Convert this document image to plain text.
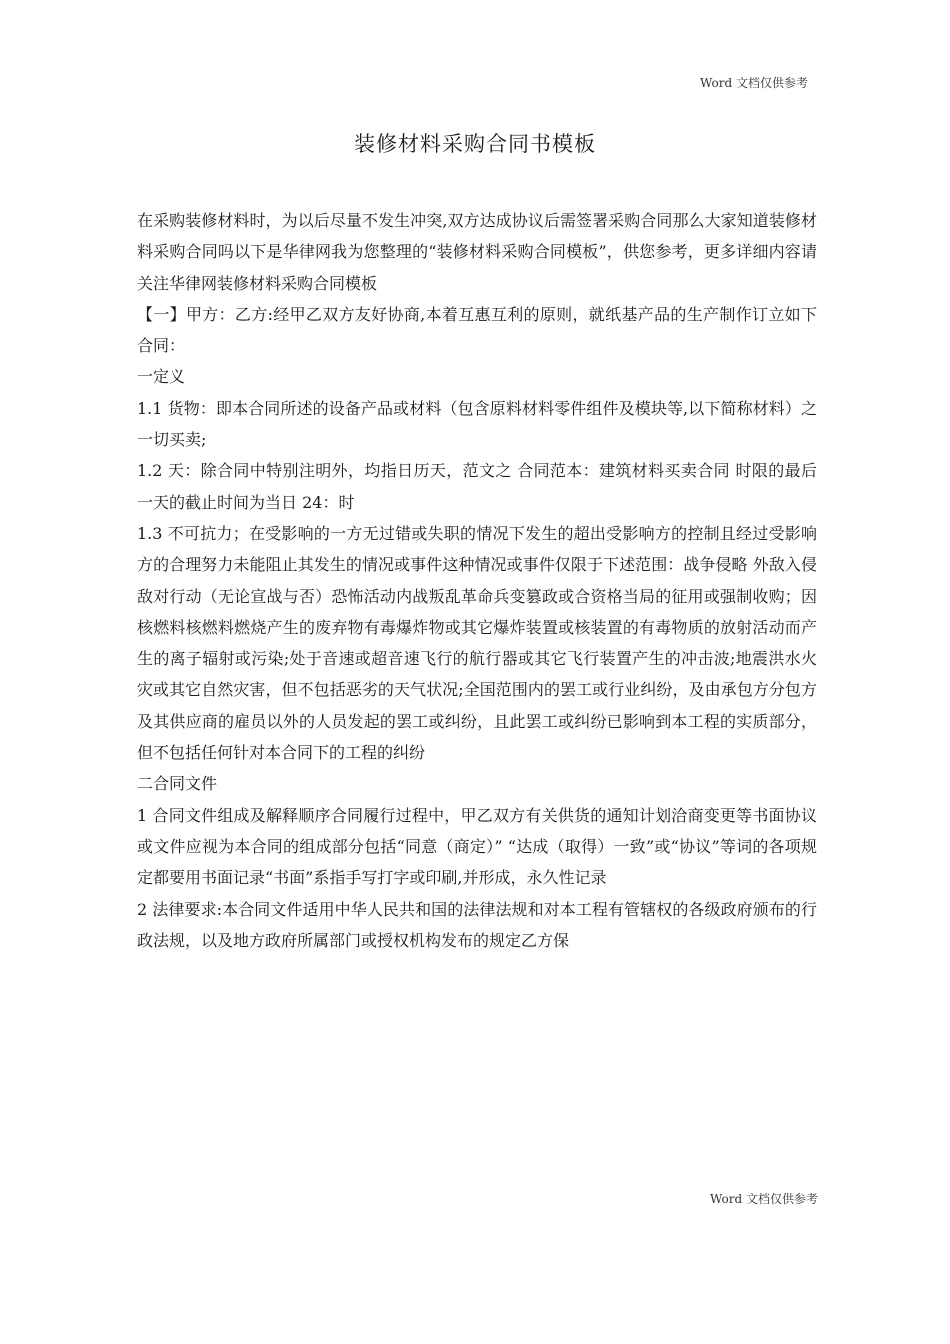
Word 文档仅供参考
装修材料采购合同书模板

在采购装修材料时，为以后尽量不发生冲突,双方达成协议后需签署采购合同那么大家知道装修材料采购合同吗以下是华律网我为您整理的“装修材料采购合同模板”，供您参考，更多详细内容请关注华律网装修材料采购合同模板

【一】甲方：乙方:经甲乙双方友好协商,本着互惠互利的原则，就纸基产品的生产制作订立如下合同：

一定义

1.1 货物：即本合同所述的设备产品或材料（包含原料材料零件组件及模块等,以下简称材料）之一切买卖;

1.2 天：除合同中特别注明外，均指日历天，范文之 合同范本：建筑材料买卖合同 时限的最后一天的截止时间为当日 24：时

1.3 不可抗力；在受影响的一方无过错或失职的情况下发生的超出受影响方的控制且经过受影响方的合理努力未能阻止其发生的情况或事件这种情况或事件仅限于下述范围：战争侵略 外敌入侵 敌对行动（无论宣战与否）恐怖活动内战叛乱革命兵变篡政或合资格当局的征用或强制收购；因核燃料核燃料燃烧产生的废弃物有毒爆炸物或其它爆炸装置或核装置的有毒物质的放射活动而产生的离子辐射或污染;处于音速或超音速飞行的航行器或其它飞行装置产生的冲击波;地震洪水火灾或其它自然灾害，但不包括恶劣的天气状况;全国范围内的罢工或行业纠纷，及由承包方分包方及其供应商的雇员以外的人员发起的罢工或纠纷，且此罢工或纠纷已影响到本工程的实质部分，但不包括任何针对本合同下的工程的纠纷

二合同文件

1 合同文件组成及解释顺序合同履行过程中，甲乙双方有关供货的通知计划洽商变更等书面协议或文件应视为本合同的组成部分包括“同意（商定）” “达成（取得）一致”或“协议”等词的各项规定都要用书面记录“书面”系指手写打字或印刷,并形成，永久性记录

2 法律要求:本合同文件适用中华人民共和国的法律法规和对本工程有管辖权的各级政府颁布的行政法规，以及地方政府所属部门或授权机构发布的规定乙方保

Word 文档仅供参考
